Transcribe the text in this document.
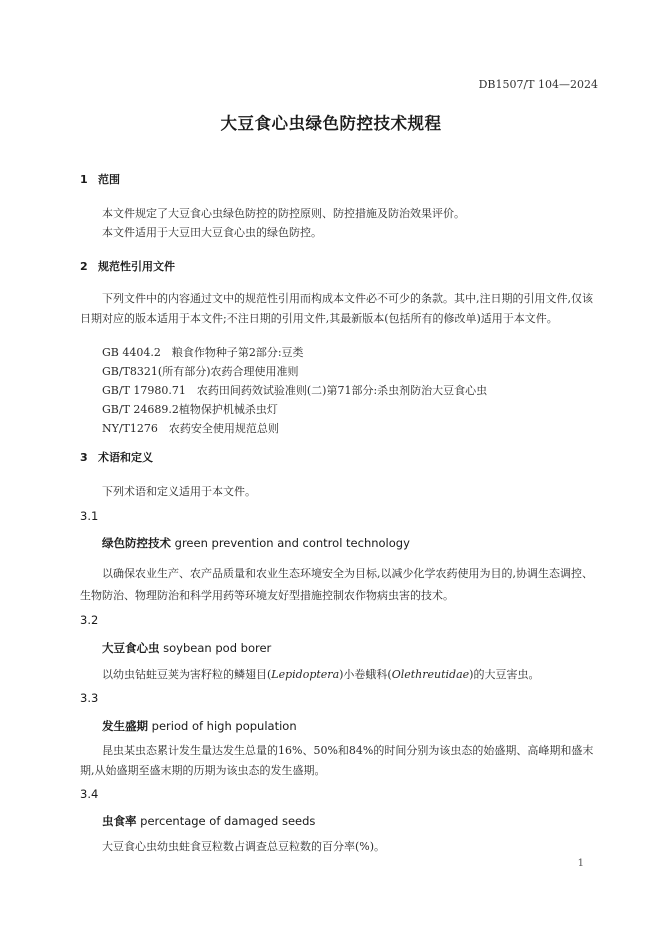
DB1507/T 104—2024
大豆食心虫绿色防控技术规程
1 范围
本文件规定了大豆食心虫绿色防控的防控原则、防控措施及防治效果评价。
本文件适用于大豆田大豆食心虫的绿色防控。
2 规范性引用文件
下列文件中的内容通过文中的规范性引用而构成本文件必不可少的条款。其中,注日期的引用文件,仅该日期对应的版本适用于本文件;不注日期的引用文件,其最新版本(包括所有的修改单)适用于本文件。
GB 4404.2　粮食作物种子第2部分:豆类
GB/T8321(所有部分)农药合理使用准则
GB/T 17980.71　农药田间药效试验准则(二)第71部分:杀虫剂防治大豆食心虫
GB/T 24689.2植物保护机械杀虫灯
NY/T1276　农药安全使用规范总则
3 术语和定义
下列术语和定义适用于本文件。
3.1
绿色防控技术 green prevention and control technology
以确保农业生产、农产品质量和农业生态环境安全为目标,以减少化学农药使用为目的,协调生态调控、生物防治、物理防治和科学用药等环境友好型措施控制农作物病虫害的技术。
3.2
大豆食心虫 soybean pod borer
以幼虫钻蛀豆荚为害籽粒的鳞翅目(Lepidoptera)小卷蛾科(Olethreutidae)的大豆害虫。
3.3
发生盛期 period of high population
昆虫某虫态累计发生量达发生总量的16%、50%和84%的时间分别为该虫态的始盛期、高峰期和盛末期,从始盛期至盛末期的历期为该虫态的发生盛期。
3.4
虫食率 percentage of damaged seeds
大豆食心虫幼虫蛀食豆粒数占调查总豆粒数的百分率(%)。
1
